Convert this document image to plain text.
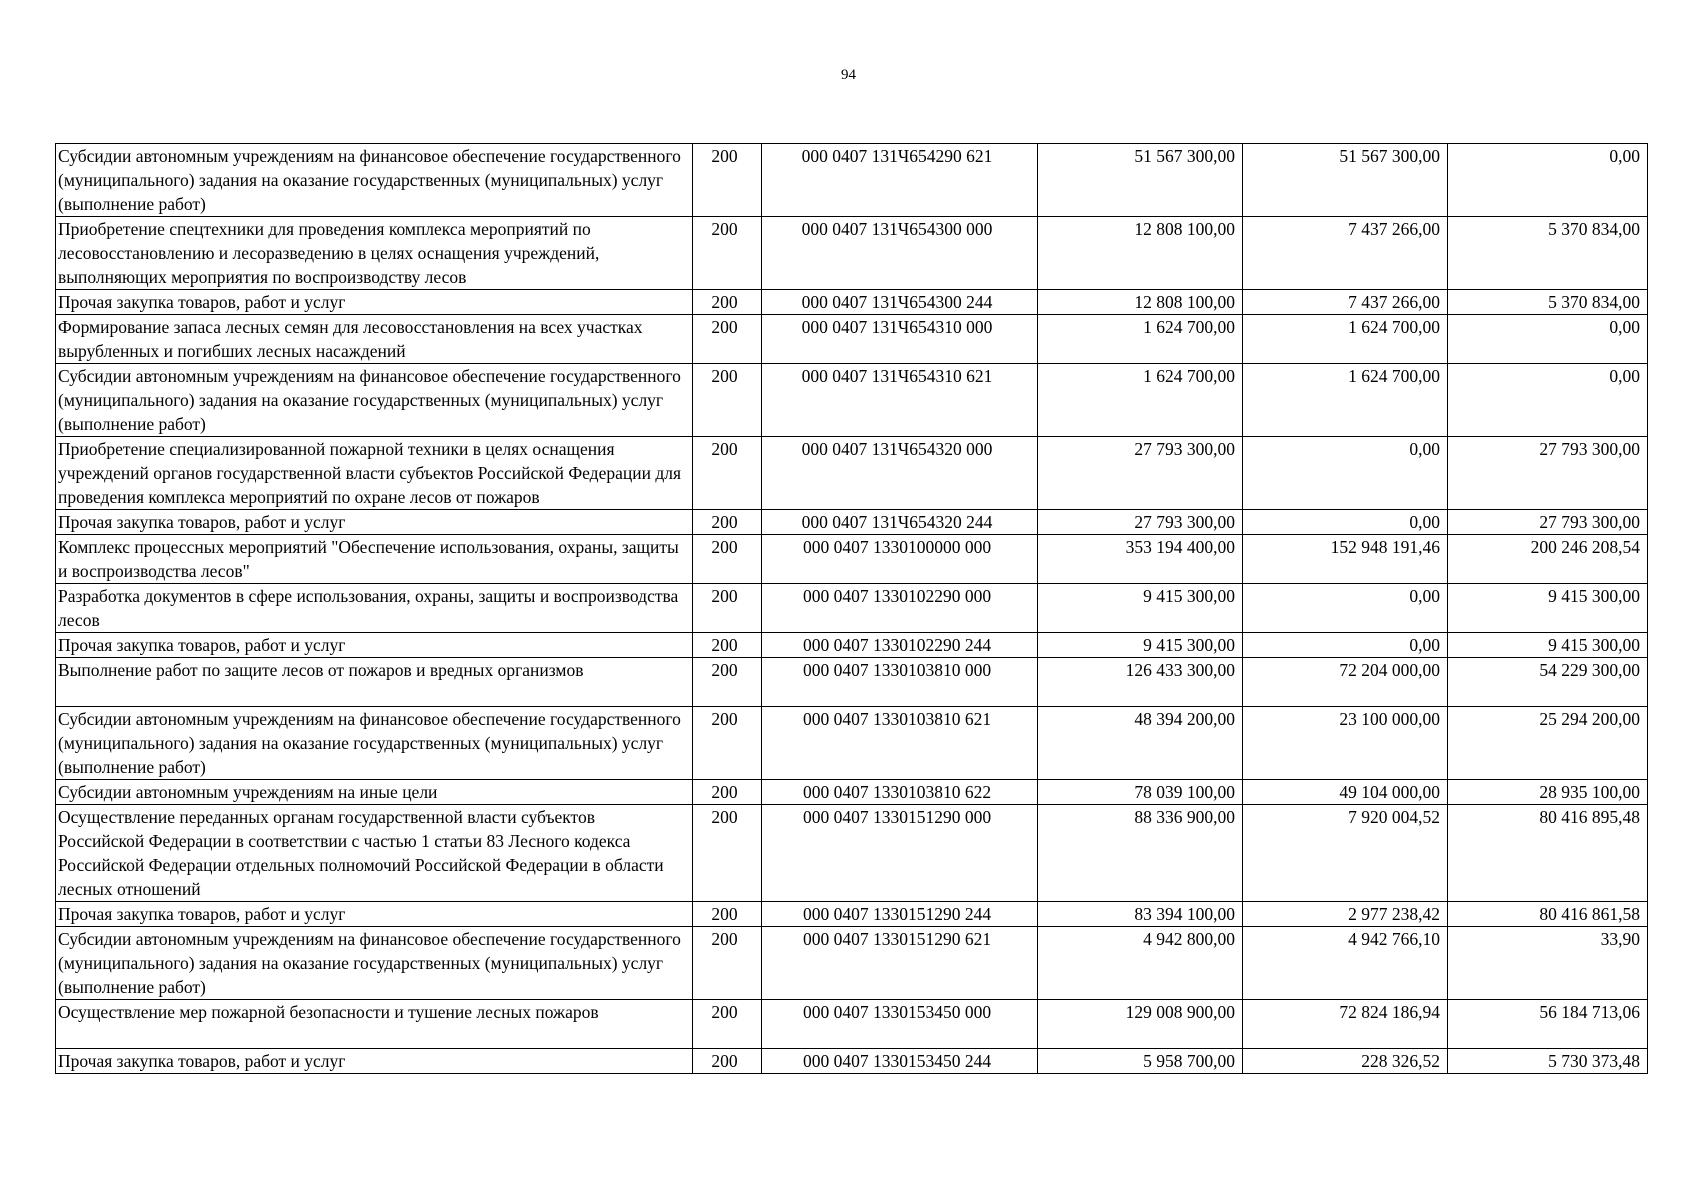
94
Субсидии автономным учреждениям на финансовое обеспечение государственного (муниципального) задания на оказание государственных (муниципальных) услуг (выполнение работ)	200	000 0407 131Ч654290 621	51 567 300,00	51 567 300,00	0,00
Приобретение спецтехники для проведения комплекса мероприятий по лесовосстановлению и лесоразведению в целях оснащения учреждений, выполняющих мероприятия по воспроизводству лесов	200	000 0407 131Ч654300 000	12 808 100,00	7 437 266,00	5 370 834,00
Прочая закупка товаров, работ и услуг	200	000 0407 131Ч654300 244	12 808 100,00	7 437 266,00	5 370 834,00
Формирование запаса лесных семян для лесовосстановления на всех участках вырубленных и погибших лесных насаждений	200	000 0407 131Ч654310 000	1 624 700,00	1 624 700,00	0,00
Субсидии автономным учреждениям на финансовое обеспечение государственного (муниципального) задания на оказание государственных (муниципальных) услуг (выполнение работ)	200	000 0407 131Ч654310 621	1 624 700,00	1 624 700,00	0,00
Приобретение специализированной пожарной техники в целях оснащения учреждений органов государственной власти субъектов Российской Федерации для проведения комплекса мероприятий по охране лесов от пожаров	200	000 0407 131Ч654320 000	27 793 300,00	0,00	27 793 300,00
Прочая закупка товаров, работ и услуг	200	000 0407 131Ч654320 244	27 793 300,00	0,00	27 793 300,00
Комплекс процессных мероприятий "Обеспечение использования, охраны, защиты и воспроизводства лесов"	200	000 0407 1330100000 000	353 194 400,00	152 948 191,46	200 246 208,54
Разработка документов в сфере использования, охраны, защиты и воспроизводства лесов	200	000 0407 1330102290 000	9 415 300,00	0,00	9 415 300,00
Прочая закупка товаров, работ и услуг	200	000 0407 1330102290 244	9 415 300,00	0,00	9 415 300,00
Выполнение работ по защите лесов от пожаров и вредных организмов	200	000 0407 1330103810 000	126 433 300,00	72 204 000,00	54 229 300,00
Субсидии автономным учреждениям на финансовое обеспечение государственного (муниципального) задания на оказание государственных (муниципальных) услуг (выполнение работ)	200	000 0407 1330103810 621	48 394 200,00	23 100 000,00	25 294 200,00
Субсидии автономным учреждениям на иные цели	200	000 0407 1330103810 622	78 039 100,00	49 104 000,00	28 935 100,00
Осуществление переданных органам государственной власти субъектов Российской Федерации в соответствии с частью 1 статьи 83 Лесного кодекса Российской Федерации отдельных полномочий Российской Федерации в области лесных отношений	200	000 0407 1330151290 000	88 336 900,00	7 920 004,52	80 416 895,48
Прочая закупка товаров, работ и услуг	200	000 0407 1330151290 244	83 394 100,00	2 977 238,42	80 416 861,58
Субсидии автономным учреждениям на финансовое обеспечение государственного (муниципального) задания на оказание государственных (муниципальных) услуг (выполнение работ)	200	000 0407 1330151290 621	4 942 800,00	4 942 766,10	33,90
Осуществление мер пожарной безопасности и тушение лесных пожаров	200	000 0407 1330153450 000	129 008 900,00	72 824 186,94	56 184 713,06
Прочая закупка товаров, работ и услуг	200	000 0407 1330153450 244	5 958 700,00	228 326,52	5 730 373,48
